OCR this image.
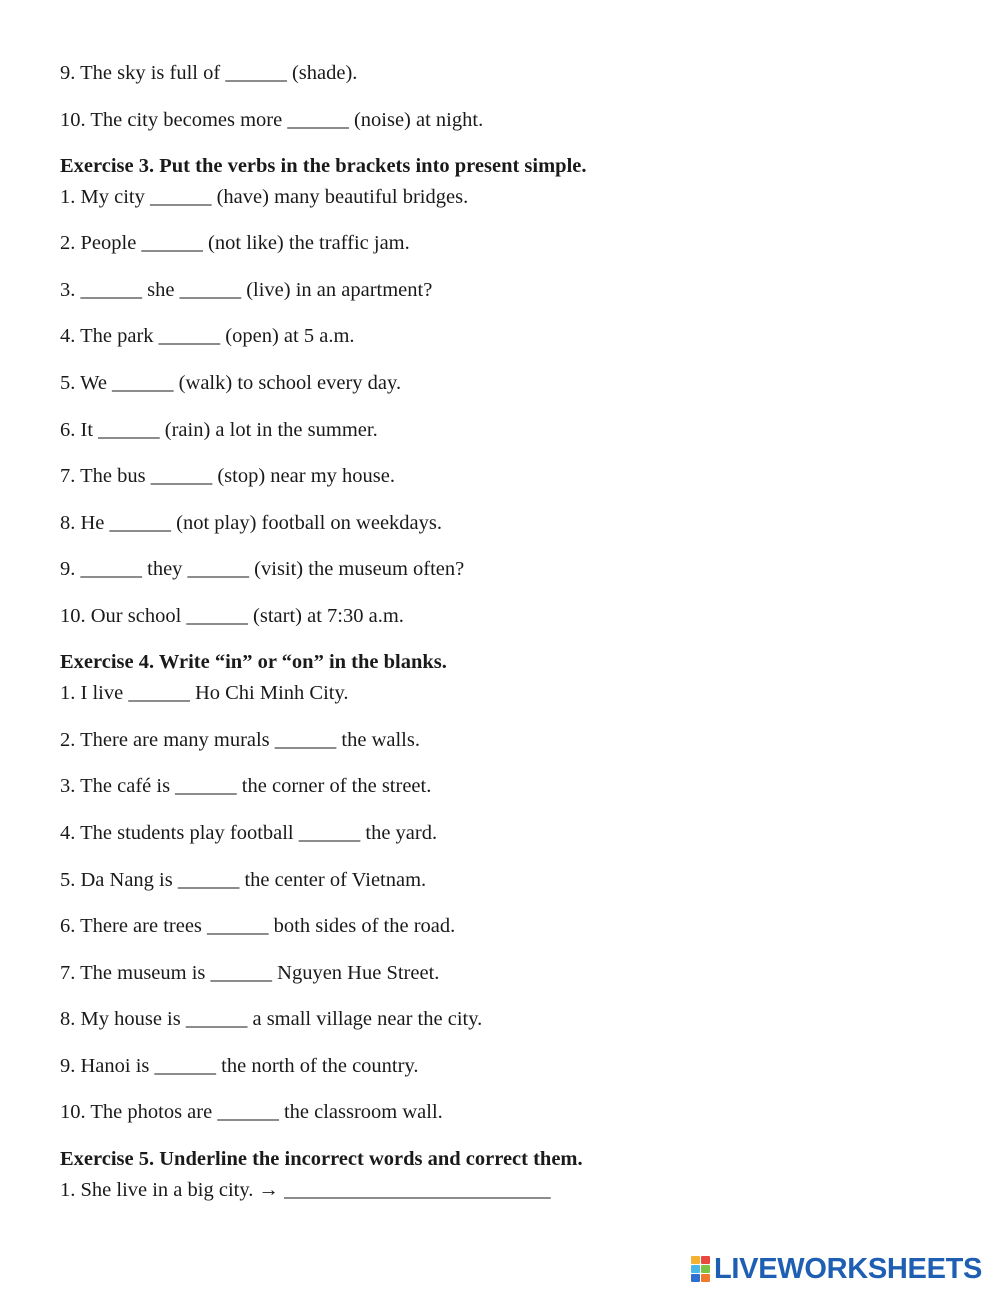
9. The sky is full of ______ (shade).

10. The city becomes more ______ (noise) at night.

Exercise 3. Put the verbs in the brackets into present simple.

1. My city ______ (have) many beautiful bridges.

2. People ______ (not like) the traffic jam.

3. ______ she ______ (live) in an apartment?

4. The park ______ (open) at 5 a.m.

5. We ______ (walk) to school every day.

6. It ______ (rain) a lot in the summer.

7. The bus ______ (stop) near my house.

8. He ______ (not play) football on weekdays.

9. ______ they ______ (visit) the museum often?

10. Our school ______ (start) at 7:30 a.m.

Exercise 4. Write “in” or “on” in the blanks.

1. I live ______ Ho Chi Minh City.

2. There are many murals ______ the walls.

3. The café is ______ the corner of the street.

4. The students play football ______ the yard.

5. Da Nang is ______ the center of Vietnam.

6. There are trees ______ both sides of the road.

7. The museum is ______ Nguyen Hue Street.

8. My house is ______ a small village near the city.

9. Hanoi is ______ the north of the country.

10. The photos are ______ the classroom wall.

Exercise 5. Underline the incorrect words and correct them.

1. She live in a big city. → __________________________

LIVEWORKSHEETS
